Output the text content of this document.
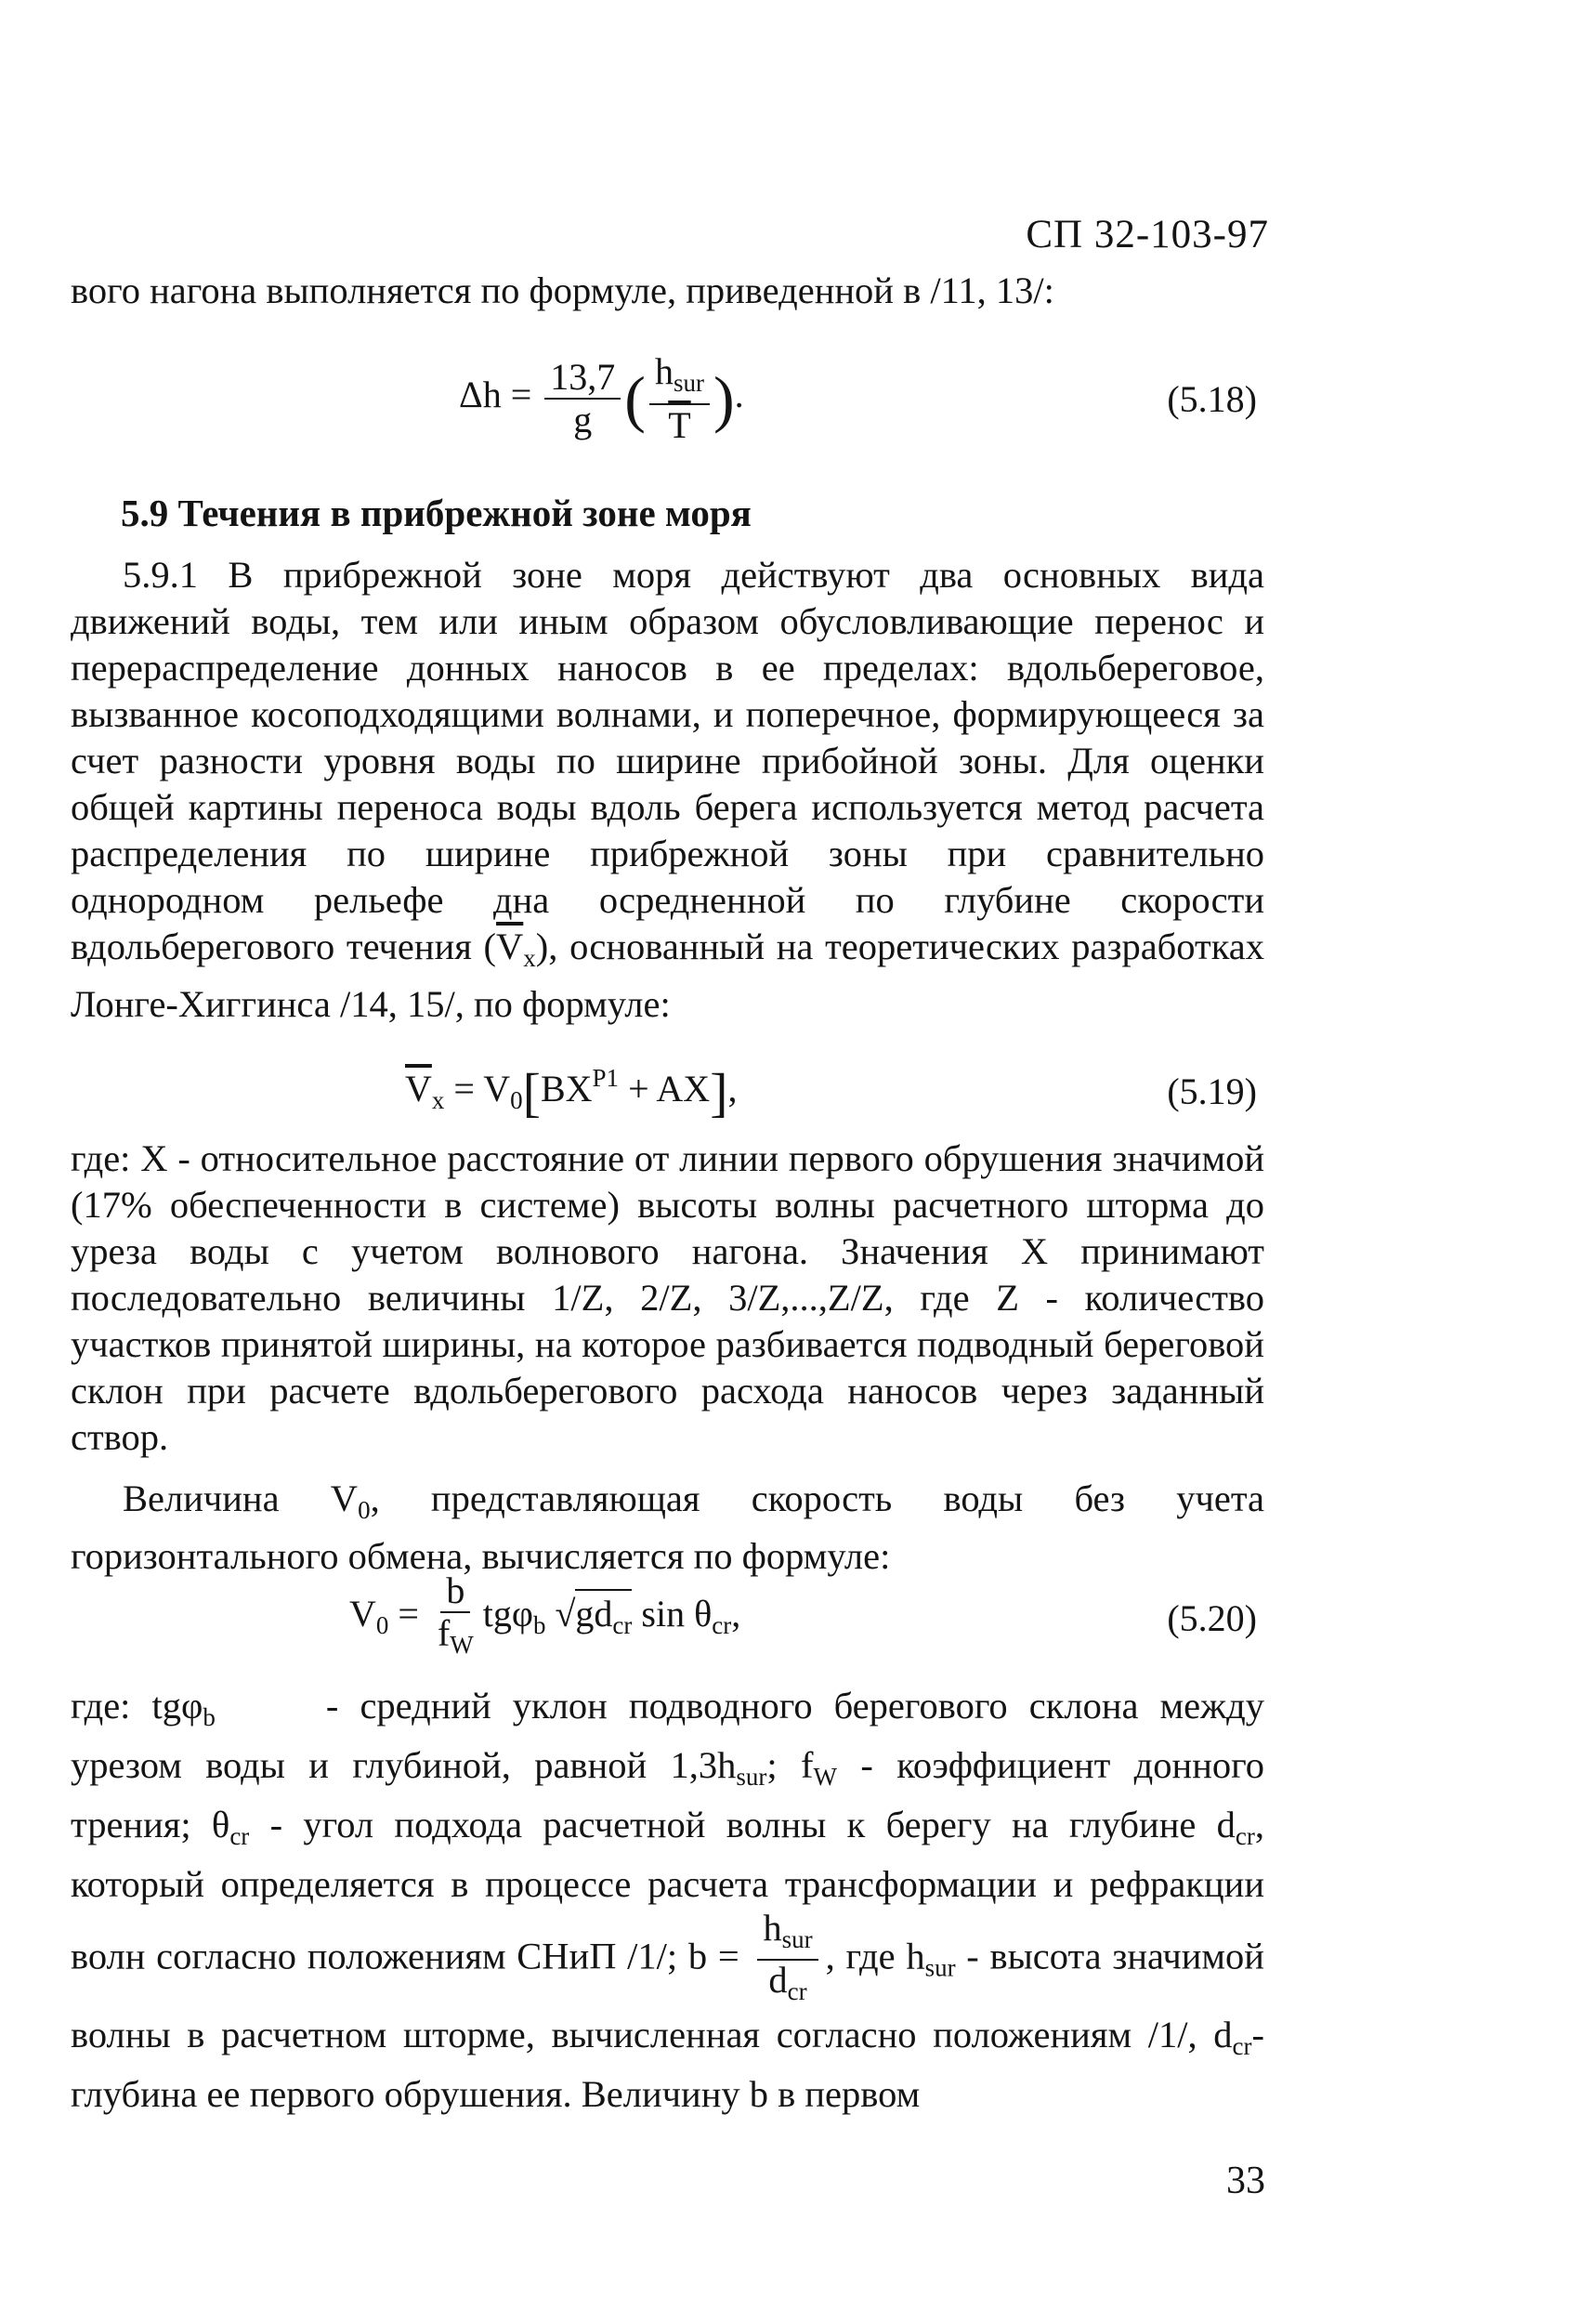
СП 32-103-97

вого нагона выполняется по формуле, приведенной в /11, 13/:

$\Delta h = \frac{13,7}{g}$ ( $\frac{h_{sur}}{T}$ ).	(5.18)

5.9 Течения в прибрежной зоне моря

5.9.1 В прибрежной зоне моря действуют два основных вида движений воды, тем или иным образом обусловливающие перенос и перераспределение донных наносов в ее пределах: вдольбереговое, вызванное косоподходящими волнами, и поперечное, формирующееся за счет разности уровня воды по ширине прибойной зоны. Для оценки общей картины переноса воды вдоль берега используется метод расчета распределения по ширине прибрежной зоны при сравнительно однородном рельефе дна осредненной по глубине скорости вдольберегового течения $(\overline{V}_x)$, основанный на теоретических разработках Лонге-Хиггинса /14, 15/, по формуле:

$\overline{V}_x = V_0[BX^{P1} + AX]$,	(5.19)

где: X - относительное расстояние от линии первого обрушения значимой (17% обеспеченности в системе) высоты волны расчетного шторма до уреза воды с учетом волнового нагона. Значения X принимают последовательно величины 1/Z, 2/Z, 3/Z,...,Z/Z, где Z - количество участков принятой ширины, на которое разбивается подводный береговой склон при расчете вдольберегового расхода наносов через заданный створ.

Величина $V_0$, представляющая скорость воды без учета горизонтального обмена, вычисляется по формуле:

$V_0 = \frac{b}{f_W} tg\varphi_b$ $√gd_{cr}$ $\sin \theta_{cr}$,	(5.20)

где: tgφ$_b$	- средний уклон подводного берегового склона между урезом воды и глубиной, равной $1,3h_{sur}$; $f_W$ - коэффициент донного трения; $\theta_{cr}$ - угол подхода расчетной волны к берегу на глубине $d_{cr}$, который определяется в процессе расчета трансформации и рефракции волн согласно положениям СНиП /1/; $b = \frac{h_{sur}}{d_{cr}}$ , где $h_{sur}$ - высота значимой волны в расчетном шторме, вычисленная согласно положениям /1/, $d_{cr}-$ глубина ее первого обрушения. Величину b в первом

33
